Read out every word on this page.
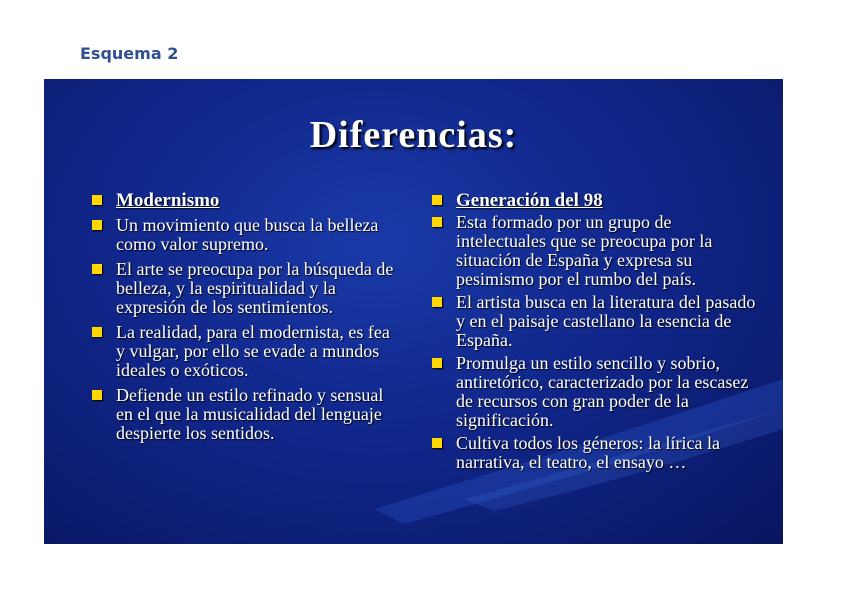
Esquema 2
Diferencias:
Modernismo
Un movimiento que busca la belleza como valor supremo.
El arte se preocupa por la búsqueda de belleza, y la espiritualidad y la expresión de los sentimientos.
La realidad, para el modernista, es fea y vulgar, por ello se evade a mundos ideales o exóticos.
Defiende un estilo refinado y sensual en el que la musicalidad del lenguaje despierte los sentidos.
Generación del 98
Esta formado por un grupo de intelectuales que se preocupa por la situación de España y expresa su pesimismo por el rumbo del país.
El artista busca en la literatura del pasado y en el paisaje castellano la esencia de España.
Promulga un estilo sencillo y sobrio, antiretórico, caracterizado por la escasez de recursos con gran poder de la significación.
Cultiva todos los géneros: la lírica la narrativa, el teatro, el ensayo …
